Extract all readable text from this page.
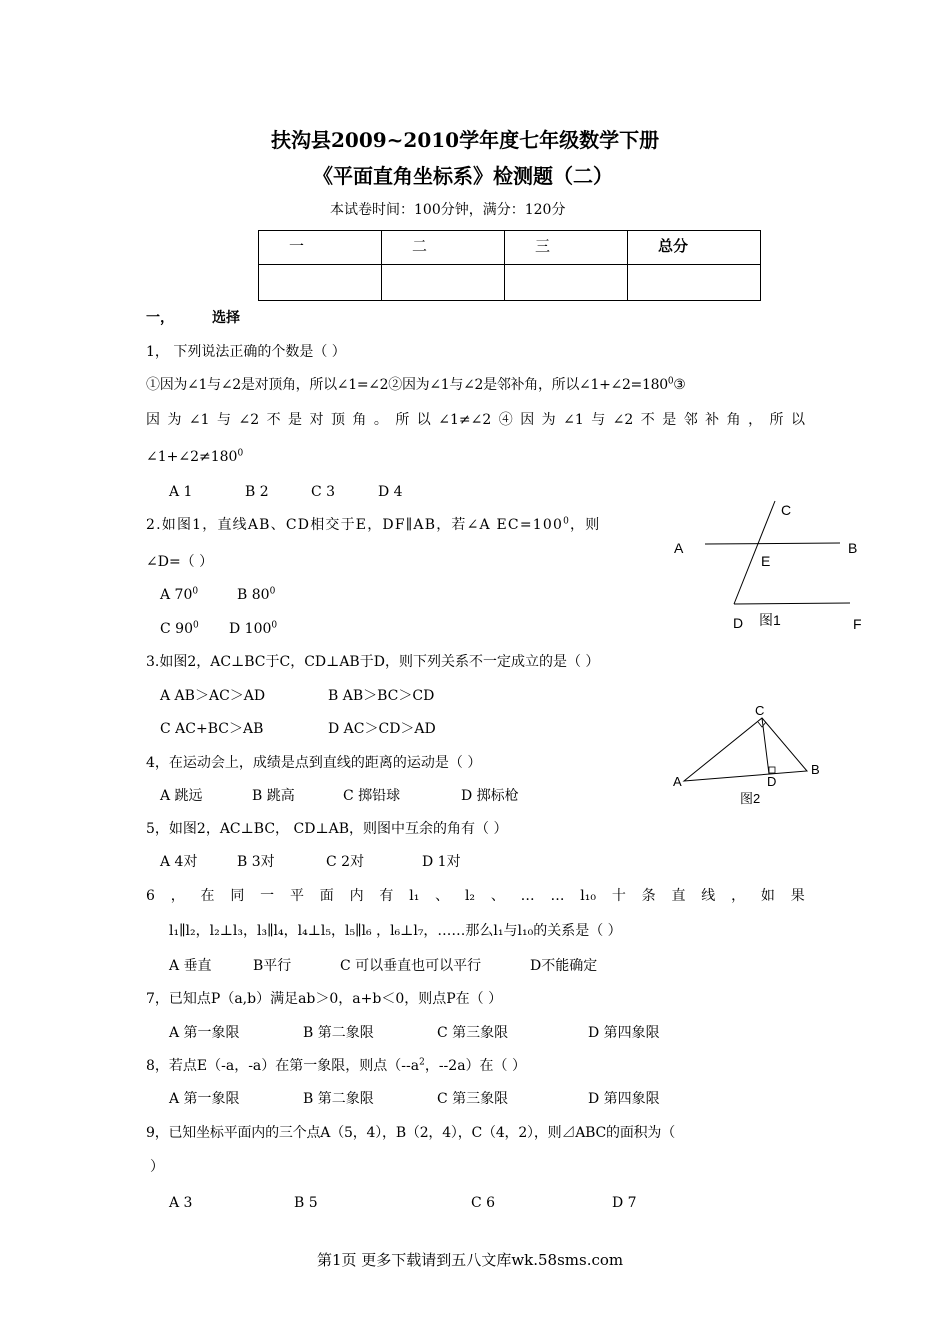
扶沟县2009~2010学年度七年级数学下册
《平面直角坐标系》检测题（二）
本试卷时间：100分钟，满分：120分
一	二	三	总分

一，	选择
1， 下列说法正确的个数是（ ）
①因为∠1与∠2是对顶角，所以∠1=∠2②因为∠1与∠2是邻补角，所以$\angle 1+\angle 2=180^0③$
因为∠1与∠2不是对顶角。所以∠1≠∠2④因为∠1与∠2不是邻补角，所以
$\angle 1+\angle 2\ne 180^0$
A 1	B 2	C 3	D 4
2.如图1，直线AB、CD相交于E，DF∥AB，若∠A $EC=100^0$，则
∠D=（ ）
A $70^0$	B $80^0$
C $90^0$ D $100^0$
C
A	B
E
D 图1	F
3.如图2，AC⊥BC于C，CD⊥AB于D，则下列关系不一定成立的是（ ）
A AB＞AC＞AD	B AB＞BC＞CD
C AC+BC＞AB	D AC＞CD＞AD
C
A	D
B
图2
4，在运动会上，成绩是点到直线的距离的运动是（ ）
A 跳远	B 跳高	C 掷铅球	D 掷标枪
5，如图2，AC⊥BC， CD⊥AB，则图中互余的角有（ ）
A 4对	B 3对	C 2对	D 1对
6 ， 在 同 一 平 面 内 有 l₁ 、 l₂ 、 … … l₁₀ 十 条 直 线 ， 如 果
l₁∥l₂，l₂⊥l₃，l₃∥l₄，l₄⊥l₅，l₅∥l₆ ，l₆⊥l₇，……那么l₁与l₁₀的关系是（ ）
A 垂直	B平行	C 可以垂直也可以平行	D不能确定
7，已知点P（a,b）满足ab＞0，a+b＜0，则点P在（ ）
A 第一象限	B 第二象限	C 第三象限	D 第四象限
8，若点E（-a，-a）在第一象限，则点（$--a^2$，--2a）在（ ）
A 第一象限	B 第二象限	C 第三象限	D 第四象限
9，已知坐标平面内的三个点A（5，4），B（2，4），C（4，2），则⊿ABC的面积为（
）
A 3	B 5	C 6	D 7
第1页 更多下载请到五八文库wk.58sms.com
